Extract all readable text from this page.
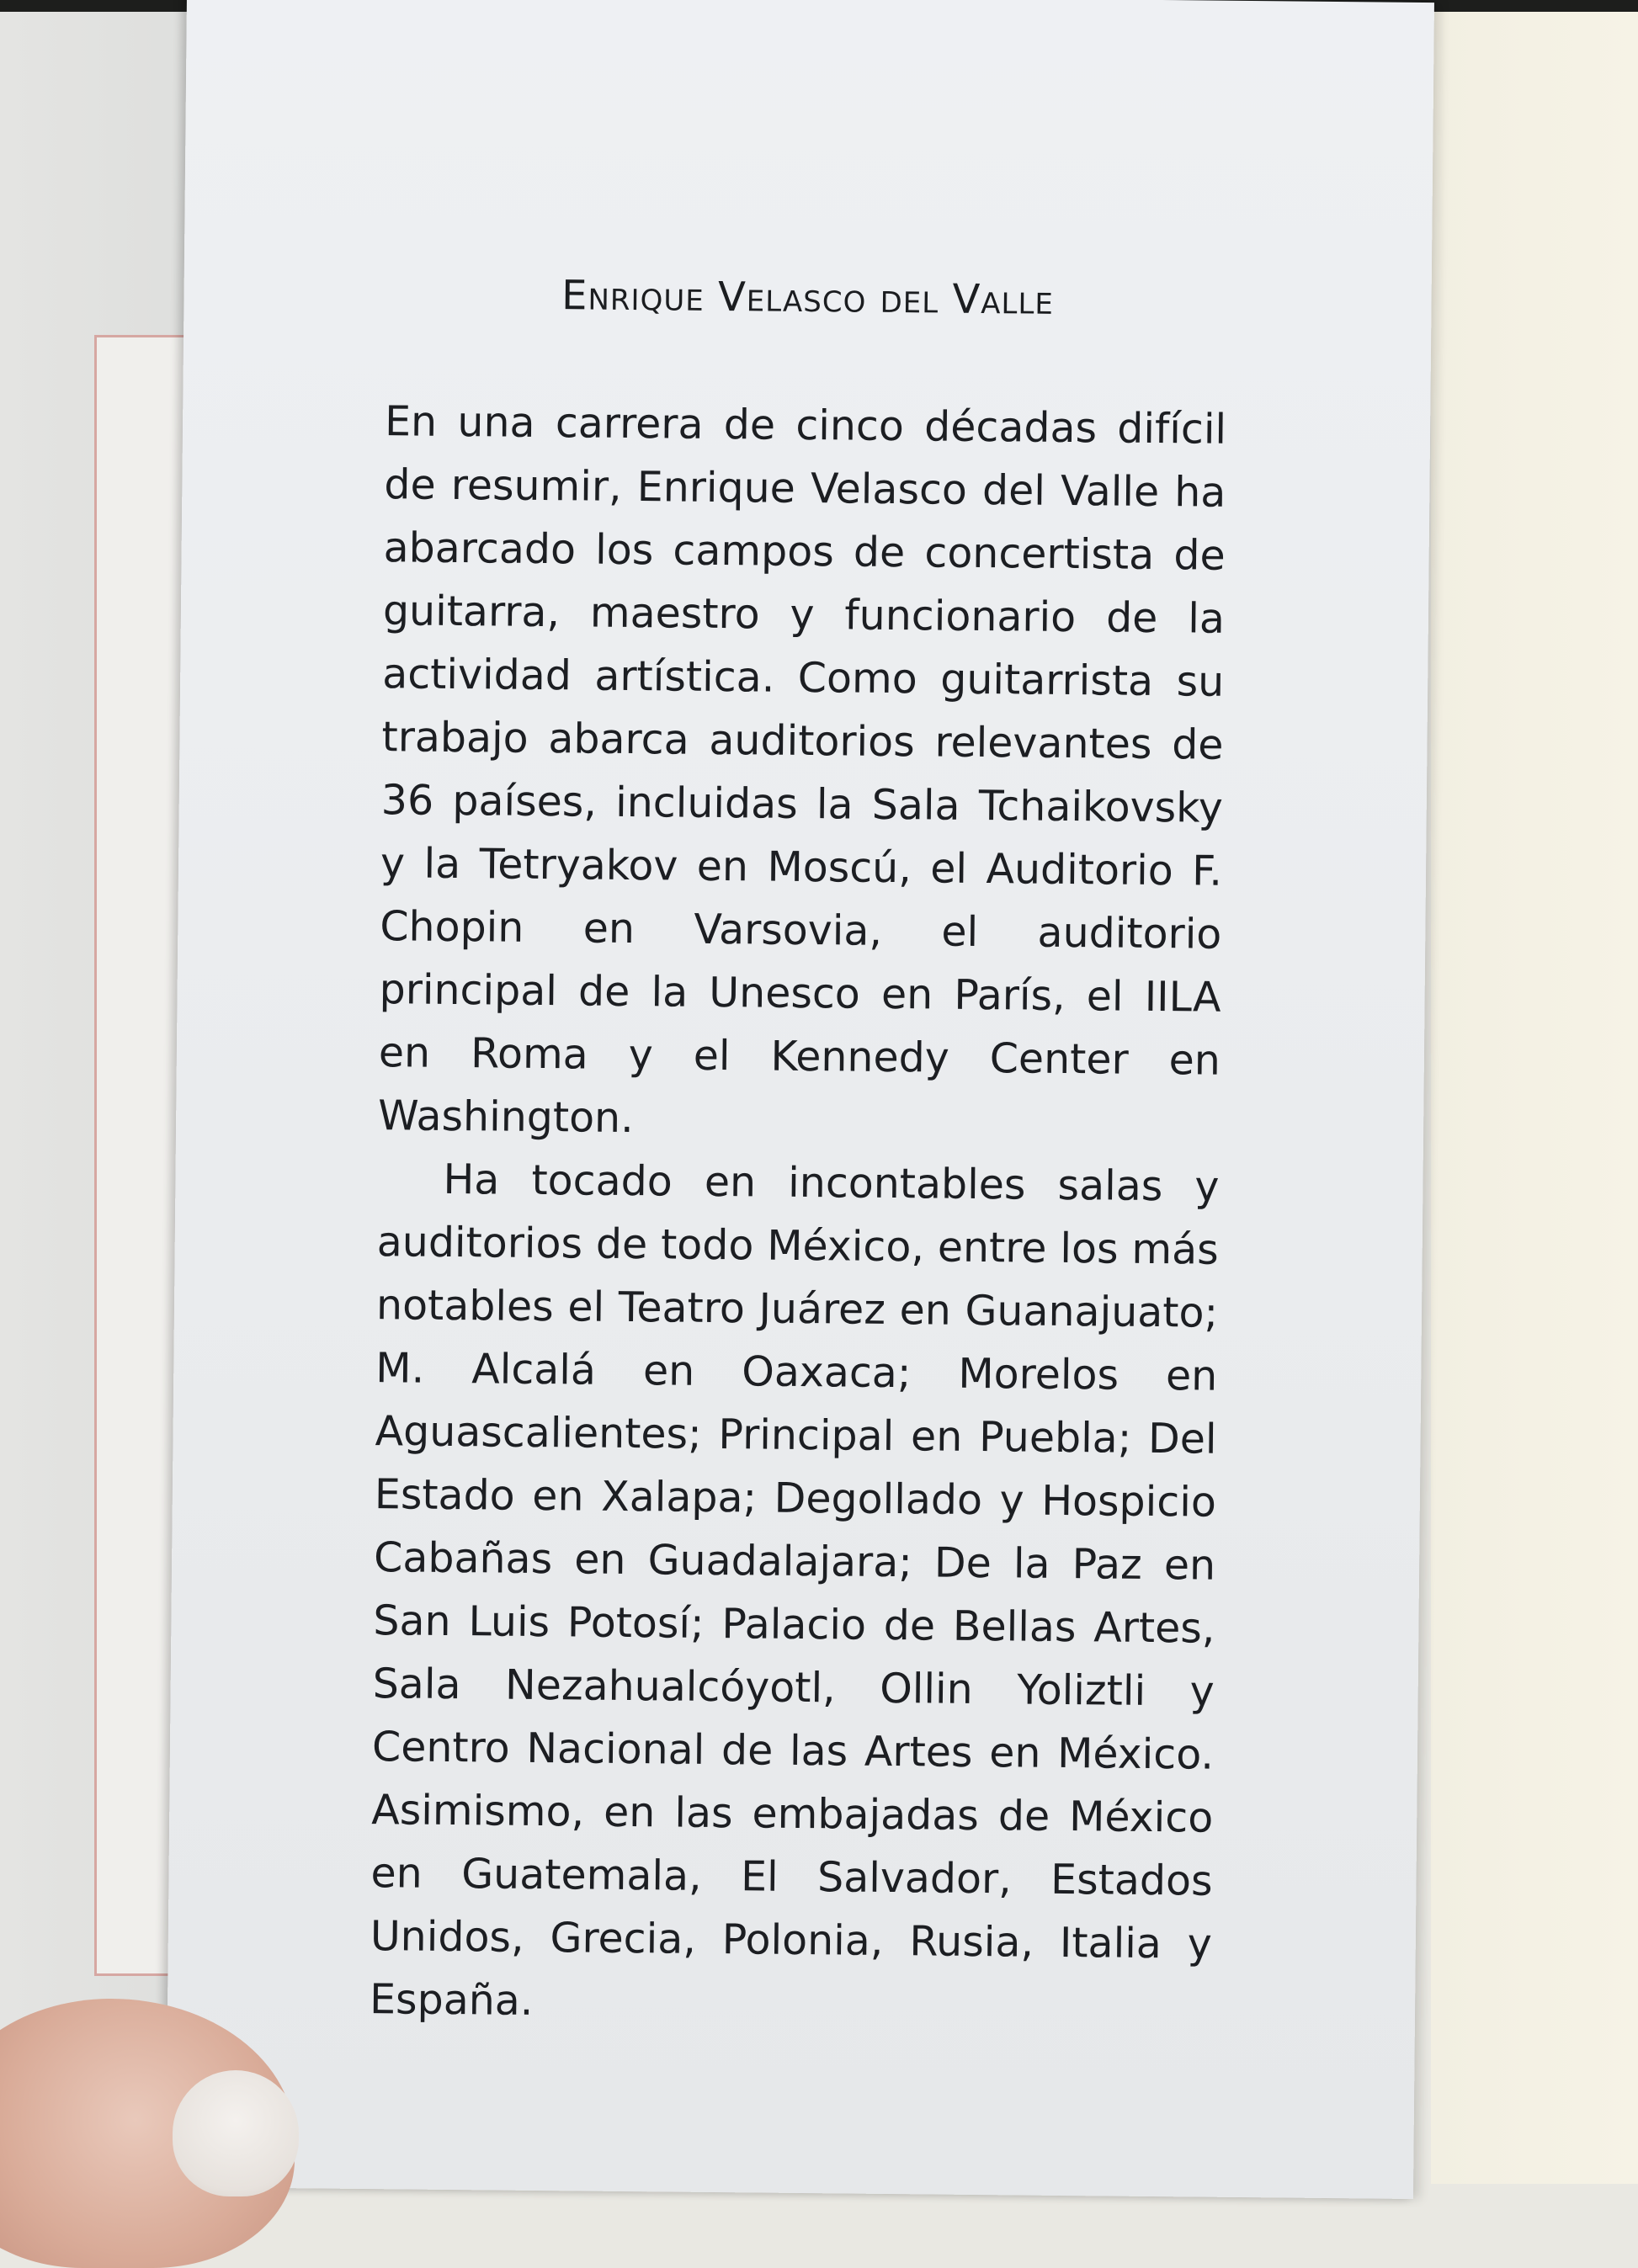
Enrique Velasco del Valle

En una carrera de cinco décadas difícil de resumir, Enrique Velasco del Valle ha abarcado los campos de concertista de guitarra, maestro y funcionario de la actividad artística. Como guitarrista su trabajo abarca auditorios relevantes de 36 países, incluidas la Sala Tchaikovsky y la Tetryakov en Moscú, el Auditorio F. Chopin en Varsovia, el auditorio principal de la Unesco en París, el IILA en Roma y el Kennedy Center en Washington.

Ha tocado en incontables salas y auditorios de todo México, entre los más notables el Teatro Juárez en Guanajuato; M. Alcalá en Oaxaca; Morelos en Aguascalientes; Principal en Puebla; Del Estado en Xalapa; Degollado y Hospicio Cabañas en Guadalajara; De la Paz en San Luis Potosí; Palacio de Bellas Artes, Sala Nezahualcóyotl, Ollin Yoliztli y Centro Nacional de las Artes en México. Asimismo, en las embajadas de México en Guatemala, El Salvador, Estados Unidos, Grecia, Polonia, Rusia, Italia y España.
